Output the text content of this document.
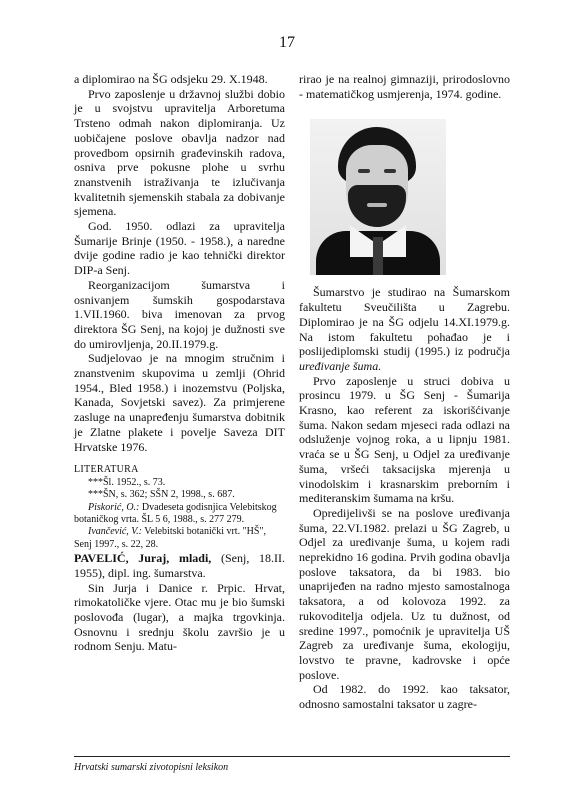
17

a diplomirao na ŠG odsjeku 29. X.1948.

Prvo zaposlenje u državnoj službi dobio je u svojstvu upravitelja Arboretuma Trsteno odmah nakon diplomiranja. Uz uobičajene poslove obavlja nadzor nad provedbom opsirnih građevinskih radova, osniva prve pokusne plohe u svrhu znanstvenih istraživanja te izlučivanja kvalitetnih sjemenskih stabala za dobivanje sjemena.

God. 1950. odlazi za upravitelja Šumarije Brinje (1950. - 1958.), a naredne dvije godine radio je kao tehnički direktor DIP-a Senj.

Reorganizacijom šumarstva i osnivanjem šumskih gospodarstava 1.VII.1960. biva imenovan za prvog direktora ŠG Senj, na kojoj je dužnosti sve do umirovljenja, 20.II.1979.g.

Sudjelovao je na mnogim stručnim i znanstvenim skupovima u zemlji (Ohrid 1954., Bled 1958.) i inozemstvu (Poljska, Kanada, Sovjetski savez). Za primjerene zasluge na unapređenju šumarstva dobitnik je Zlatne plakete i povelje Saveza DIT Hrvatske 1976.

LITERATURA

***Šl. 1952., s. 73.

***ŠN, s. 362; SŠN 2, 1998., s. 687.

Piskorić, O.: Dvadeseta godisnjica Velebitskog botaničkog vrta. ŠL 5 6, 1988., s. 277 279.

Ivančević, V.: Velebitski botanički vrt. "HŠ", Senj 1997., s. 22, 28.

PAVELIĆ, Juraj, mladi, (Senj, 18.II. 1955), dipl. ing. šumarstva.

Sin Jurja i Danice r. Prpic. Hrvat, rimokatoličke vjere. Otac mu je bio šumski poslovođa (lugar), a majka trgovkinja. Osnovnu i srednju školu završio je u rodnom Senju. Matu-

rirao je na realnoj gimnaziji, prirodoslovno - matematičkog usmjerenja, 1974. godine.

Šumarstvo je studirao na Šumarskom fakultetu Sveučilišta u Zagrebu. Diplomirao je na ŠG odjelu 14.XI.1979.g. Na istom fakultetu pohađao je i poslijediplomski studij (1995.) iz područja uređivanje šuma.

Prvo zaposlenje u struci dobiva u prosincu 1979. u ŠG Senj - Šumarija Krasno, kao referent za iskorišćivanje šuma. Nakon sedam mjeseci rada odlazi na odsluženje vojnog roka, a u lipnju 1981. vraća se u ŠG Senj, u Odjel za uređivanje šuma, vršeći taksacijska mjerenja u vinodolskim i krasnarskim preborním i mediteranskim šumama na kršu.

Opredijelivši se na poslove uređivanja šuma, 22.VI.1982. prelazi u ŠG Zagreb, u Odjel za uređivanje šuma, u kojem radi neprekidno 16 godina. Prvih godina obavlja poslove taksatora, da bi 1983. bio unaprijeđen na radno mjesto samostalnoga taksatora, a od kolovoza 1992. za rukovoditelja odjela. Uz tu dužnost, od sredine 1997., pomoćnik je upravitelja UŠ Zagreb za uređivanje šuma, ekologiju, lovstvo te pravne, kadrovske i opće poslove.

Od 1982. do 1992. kao taksator, odnosno samostalni taksator u zagre-

Hrvatski sumarski zivotopisni leksikon
